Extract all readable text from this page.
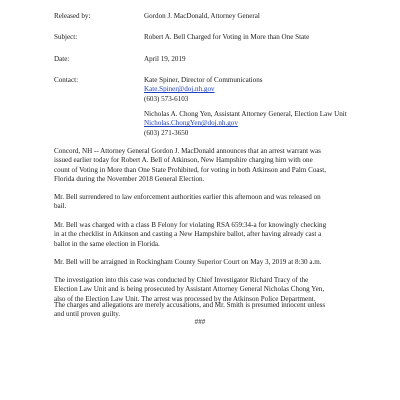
Released by:	Gordon J. MacDonald, Attorney General
Subject:	Robert A. Bell Charged for Voting in More than One State
Date:	April 19, 2019
Contact:	Kate Spiner, Director of Communications
Kate.Spiner@doj.nh.gov
(603) 573-6103
Nicholas A. Chong Yen, Assistant Attorney General, Election Law Unit
Nicholas.ChongYen@doj.nh.gov
(603) 271-3650
Concord, NH -- Attorney General Gordon J. MacDonald announces that an arrest warrant was
issued earlier today for Robert A. Bell of Atkinson, New Hampshire charging him with one
count of Voting in More than One State Prohibited, for voting in both Atkinson and Palm Coast,
Florida during the November 2018 General Election.
Mr. Bell surrendered to law enforcement authorities earlier this afternoon and was released on
bail.
Mr. Bell was charged with a class B Felony for violating RSA 659:34-a for knowingly checking
in at the checklist in Atkinson and casting a New Hampshire ballot, after having already cast a
ballot in the same election in Florida.
Mr. Bell will be arraigned in Rockingham County Superior Court on May 3, 2019 at 8:30 a.m.
The investigation into this case was conducted by Chief Investigator Richard Tracy of the
Election Law Unit and is being prosecuted by Assistant Attorney General Nicholas Chong Yen,
also of the Election Law Unit. The arrest was processed by the Atkinson Police Department.
The charges and allegations are merely accusations, and Mr. Smith is presumed innocent unless
and until proven guilty.
###
